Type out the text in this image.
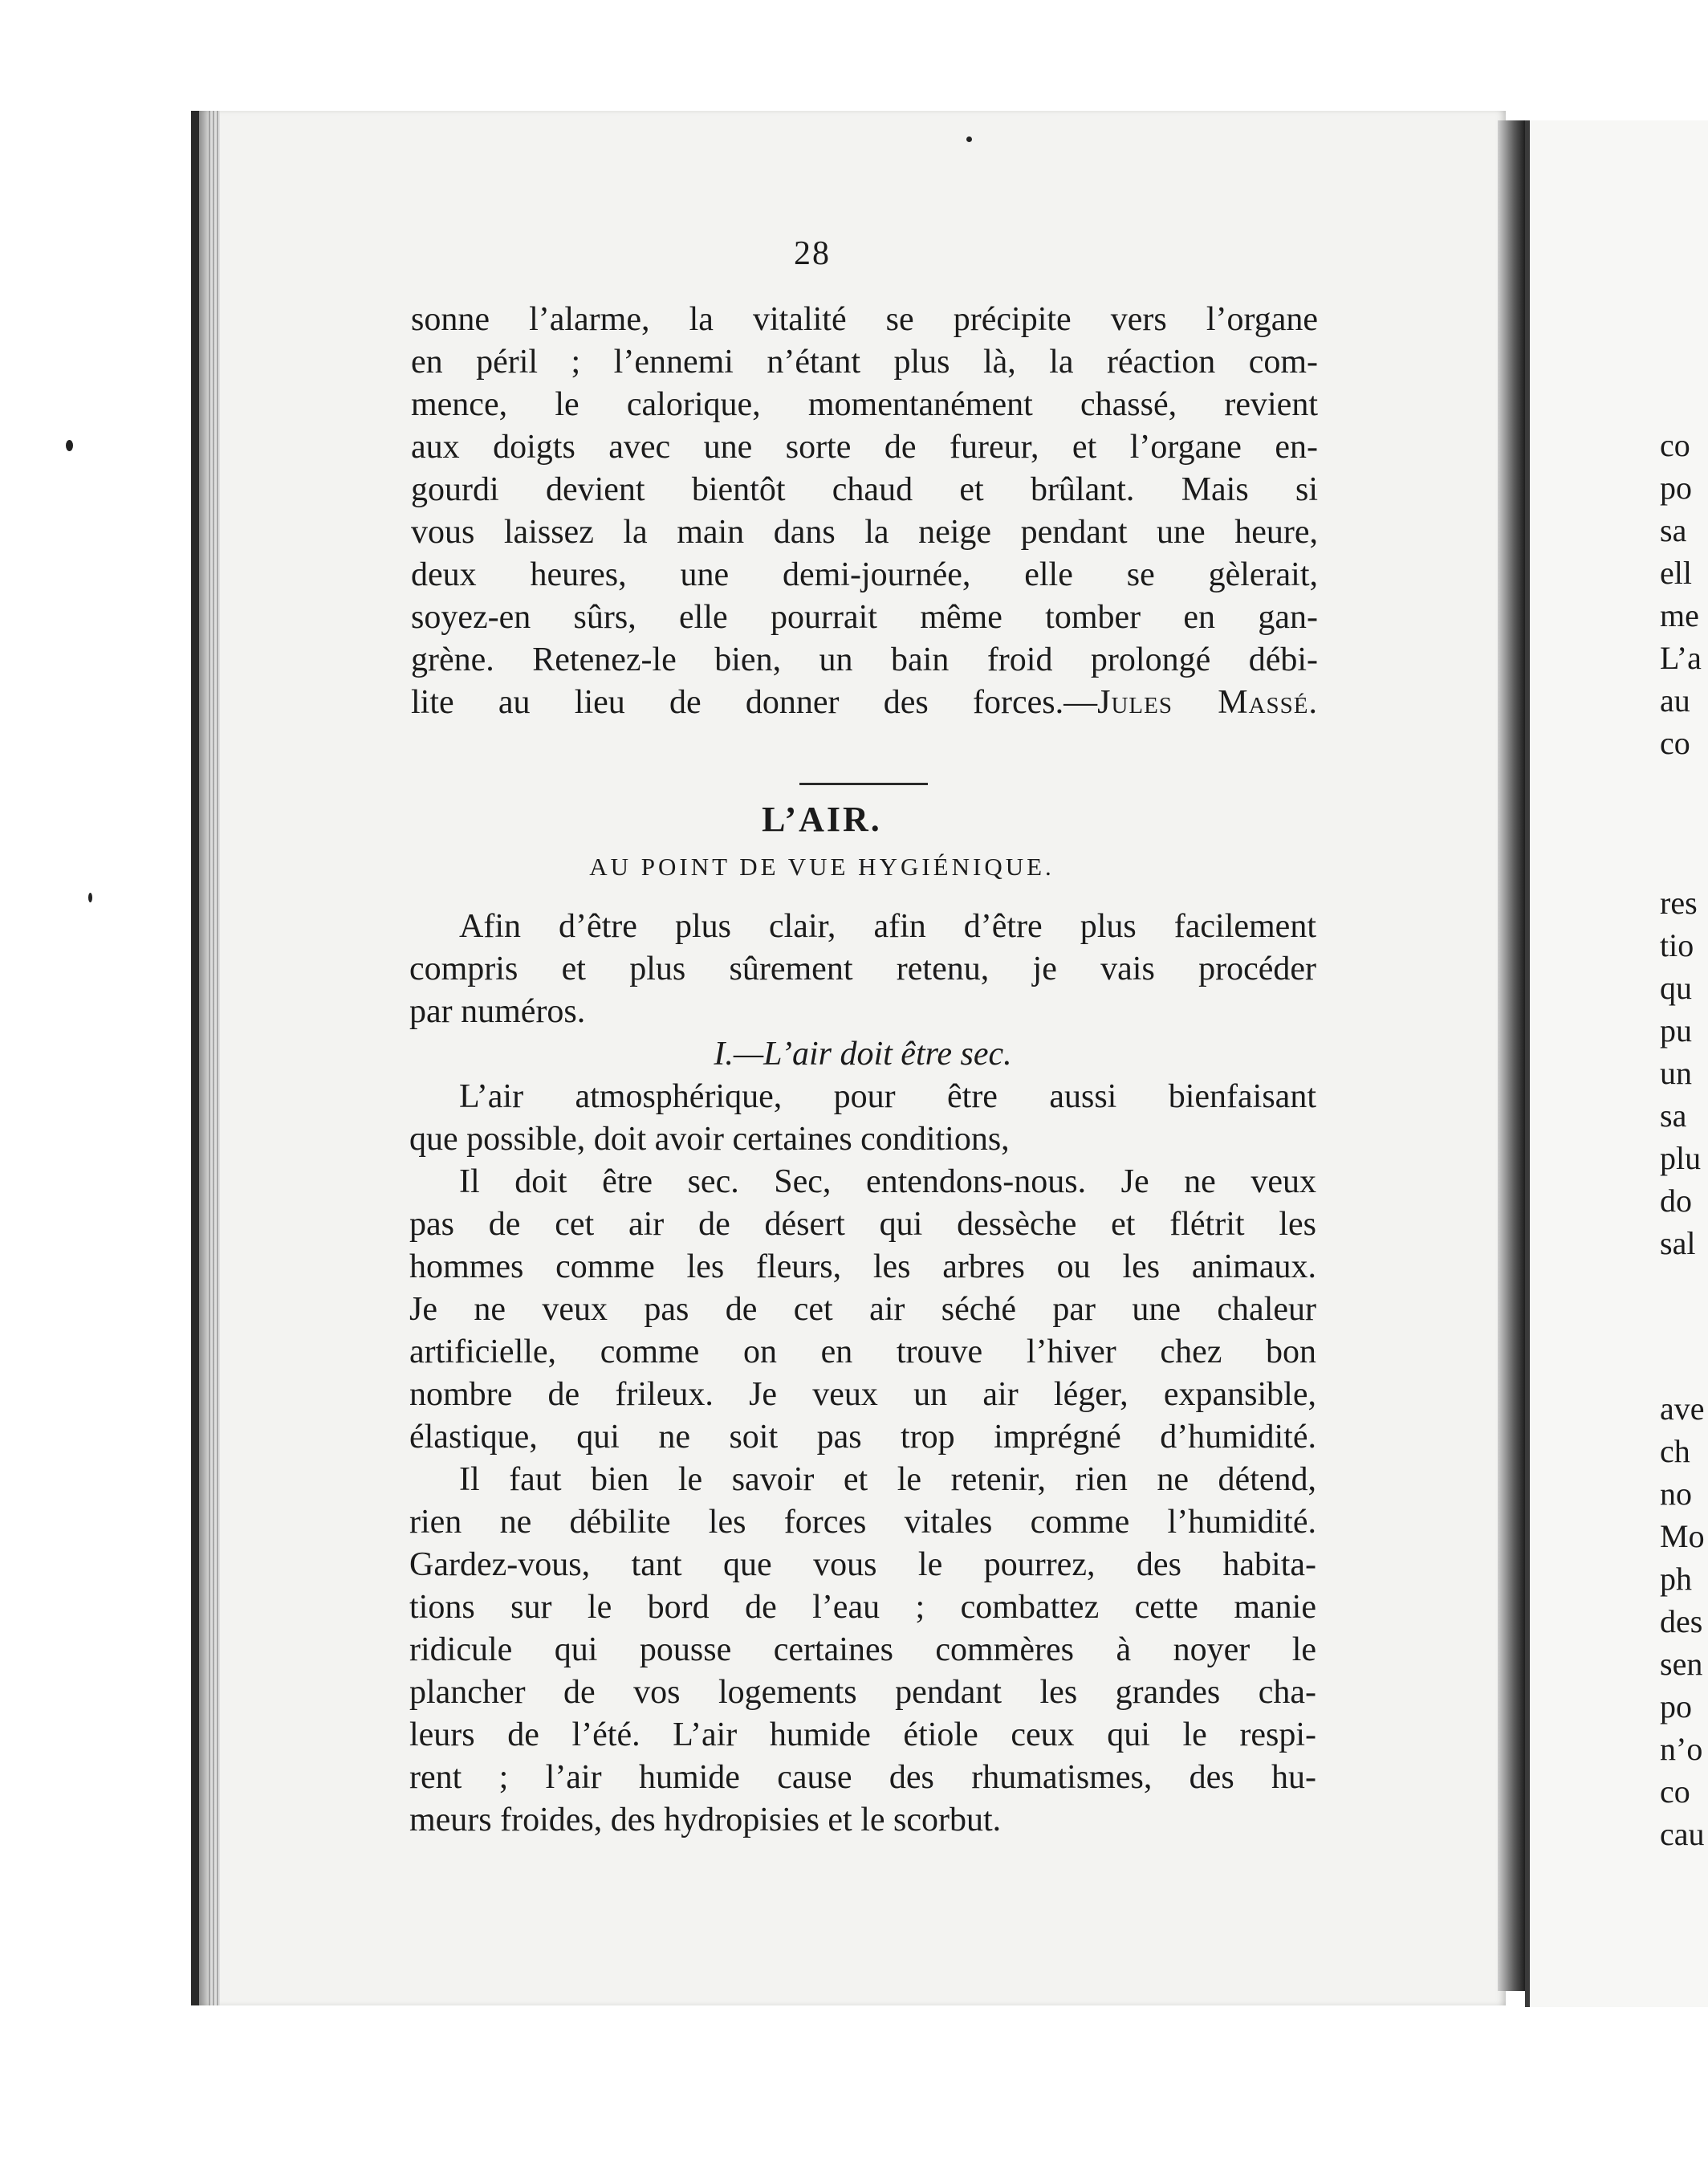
28
sonne l’alarme, la vitalité se précipite vers l’organe
en péril ; l’ennemi n’étant plus là, la réaction com-
mence, le calorique, momentanément chassé, revient
aux doigts avec une sorte de fureur, et l’organe en-
gourdi devient bientôt chaud et brûlant. Mais si
vous laissez la main dans la neige pendant une heure,
deux heures, une demi-journée, elle se gèlerait,
soyez-en sûrs, elle pourrait même tomber en gan-
grène. Retenez-le bien, un bain froid prolongé débi-
lite au lieu de donner des forces.—Jules Massé.
L’AIR.
AU POINT DE VUE HYGIÉNIQUE.
Afin d’être plus clair, afin d’être plus facilement
compris et plus sûrement retenu, je vais procéder
par numéros.
I.—L’air doit être sec.
L’air atmosphérique, pour être aussi bienfaisant
que possible, doit avoir certaines conditions,
Il doit être sec. Sec, entendons-nous. Je ne veux
pas de cet air de désert qui dessèche et flétrit les
hommes comme les fleurs, les arbres ou les animaux.
Je ne veux pas de cet air séché par une chaleur
artificielle, comme on en trouve l’hiver chez bon
nombre de frileux. Je veux un air léger, expansible,
élastique, qui ne soit pas trop imprégné d’humidité.
Il faut bien le savoir et le retenir, rien ne détend,
rien ne débilite les forces vitales comme l’humidité.
Gardez-vous, tant que vous le pourrez, des habita-
tions sur le bord de l’eau ; combattez cette manie
ridicule qui pousse certaines commères à noyer le
plancher de vos logements pendant les grandes cha-
leurs de l’été. L’air humide étiole ceux qui le respi-
rent ; l’air humide cause des rhumatismes, des hu-
meurs froides, des hydropisies et le scorbut.
co
po
sa
ell
me
L’a
au
co
res
tio
qu
pu
un
sa
plu
do
sal
ave
ch
no
Mo
ph
des
sen
po
n’o
co
cau
